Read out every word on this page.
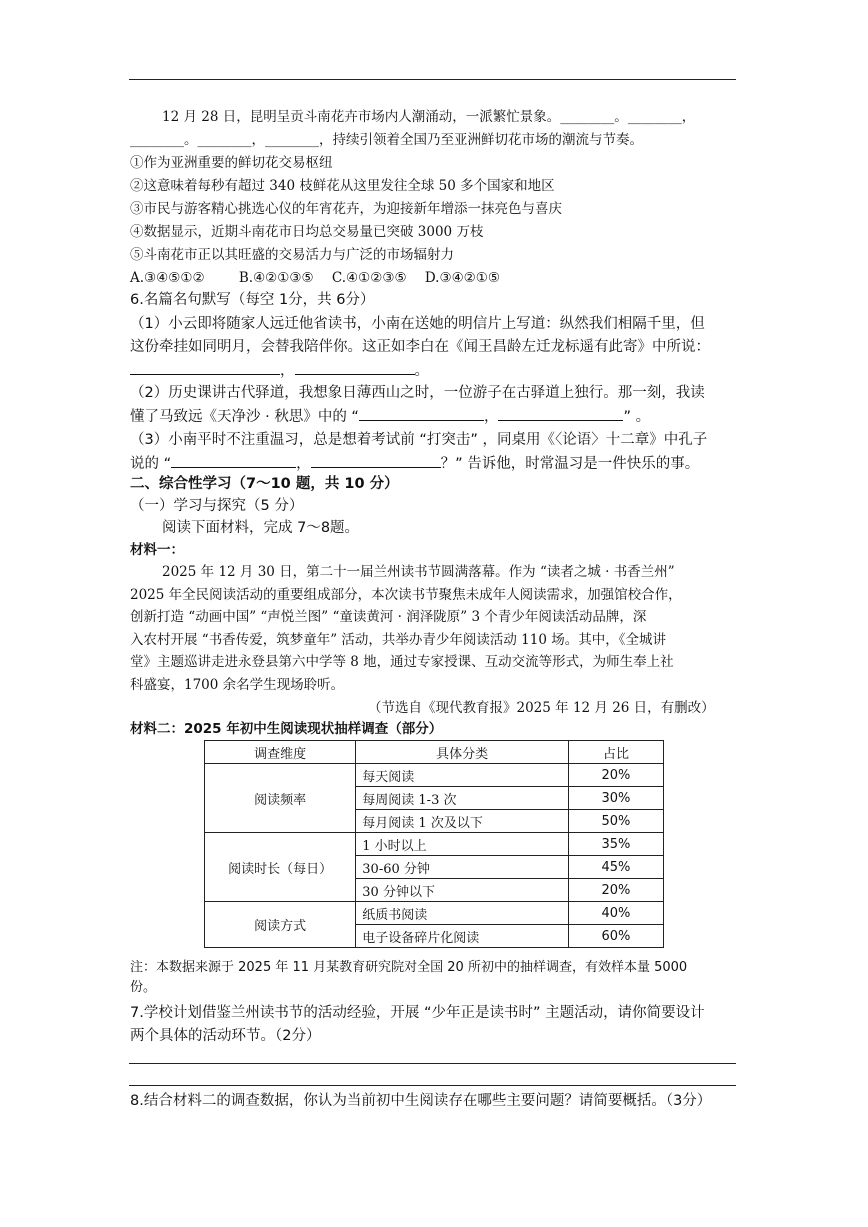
12 月 28 日，昆明呈贡斗南花卉市场内人潮涌动，一派繁忙景象。________。________，
________。________，________，持续引领着全国乃至亚洲鲜切花市场的潮流与节奏。
①作为亚洲重要的鲜切花交易枢纽
②这意味着每秒有超过 340 枝鲜花从这里发往全球 50 多个国家和地区
③市民与游客精心挑选心仪的年宵花卉，为迎接新年增添一抹亮色与喜庆
④数据显示，近期斗南花市日均总交易量已突破 3000 万枝
⑤斗南花市正以其旺盛的交易活力与广泛的市场辐射力
A.③④⑤①②	B.④②①③⑤ C.④①②③⑤ D.③④②①⑤
6.名篇名句默写（每空 1分，共 6分）
（1）小云即将随家人远迁他省读书，小南在送她的明信片上写道：纵然我们相隔千里，但
这份牵挂如同明月，会替我陪伴你。这正如李白在《闻王昌龄左迁龙标遥有此寄》中所说：
，	。
（2）历史课讲古代驿道，我想象日薄西山之时，一位游子在古驿道上独行。那一刻，我读
懂了马致远《天净沙 · 秋思》中的 “	，	” 。
（3）小南平时不注重温习，总是想着考试前 “打突击” ，同桌用《〈论语〉十二章》中孔子
说的 “	，	？” 告诉他，时常温习是一件快乐的事。
二、综合性学习（7～10 题，共 10 分）
（一）学习与探究（5 分）
阅读下面材料，完成 7～8题。
材料一：
2025 年 12 月 30 日，第二十一届兰州读书节圆满落幕。作为 “读者之城 · 书香兰州”
2025 年全民阅读活动的重要组成部分，本次读书节聚焦未成年人阅读需求，加强馆校合作，
创新打造 “动画中国” “声悦兰图” “童读黄河 · 润泽陇原” 3 个青少年阅读活动品牌，深
入农村开展 “书香传爱，筑梦童年” 活动，共举办青少年阅读活动 110 场。其中，《全城讲
堂》主题巡讲走进永登县第六中学等 8 地，通过专家授课、互动交流等形式，为师生奉上社
科盛宴，1700 余名学生现场聆听。
（节选自《现代教育报》2025 年 12 月 26 日，有删改）
材料二：2025 年初中生阅读现状抽样调查（部分）
调查维度	具体分类	占比
阅读频率	每天阅读	20%
	每周阅读 1-3 次	30%
	每月阅读 1 次及以下	50%
阅读时长（每日）	1 小时以上	35%
	30-60 分钟	45%
	30 分钟以下	20%
阅读方式	纸质书阅读	40%
	电子设备碎片化阅读	60%
注：本数据来源于 2025 年 11 月某教育研究院对全国 20 所初中的抽样调查，有效样本量 5000
份。
7.学校计划借鉴兰州读书节的活动经验，开展 “少年正是读书时” 主题活动，请你简要设计
两个具体的活动环节。（2分）
8.结合材料二的调查数据，你认为当前初中生阅读存在哪些主要问题？请简要概括。（3分）
